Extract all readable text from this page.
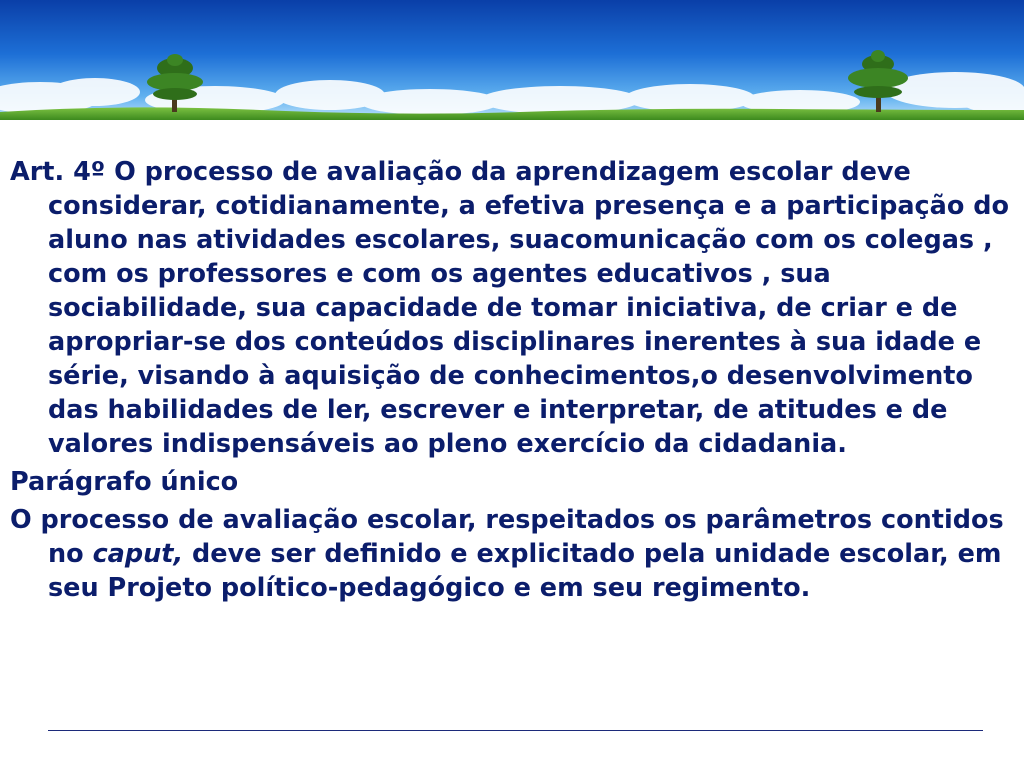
Art. 4º O processo de avaliação da aprendizagem escolar deve considerar, cotidianamente, a efetiva presença e a participação do aluno nas atividades escolares, suacomunicação com os colegas , com os professores e com os agentes educativos , sua sociabilidade, sua capacidade de tomar iniciativa, de criar e de apropriar-se dos conteúdos disciplinares inerentes à sua idade e série, visando à aquisição de conhecimentos,o desenvolvimento das habilidades de ler, escrever e interpretar, de atitudes e de valores indispensáveis ao pleno exercício da cidadania.

Parágrafo único

O processo de avaliação escolar, respeitados os parâmetros contidos no caput, deve ser definido e explicitado pela unidade escolar, em seu Projeto político-pedagógico e em seu regimento.
